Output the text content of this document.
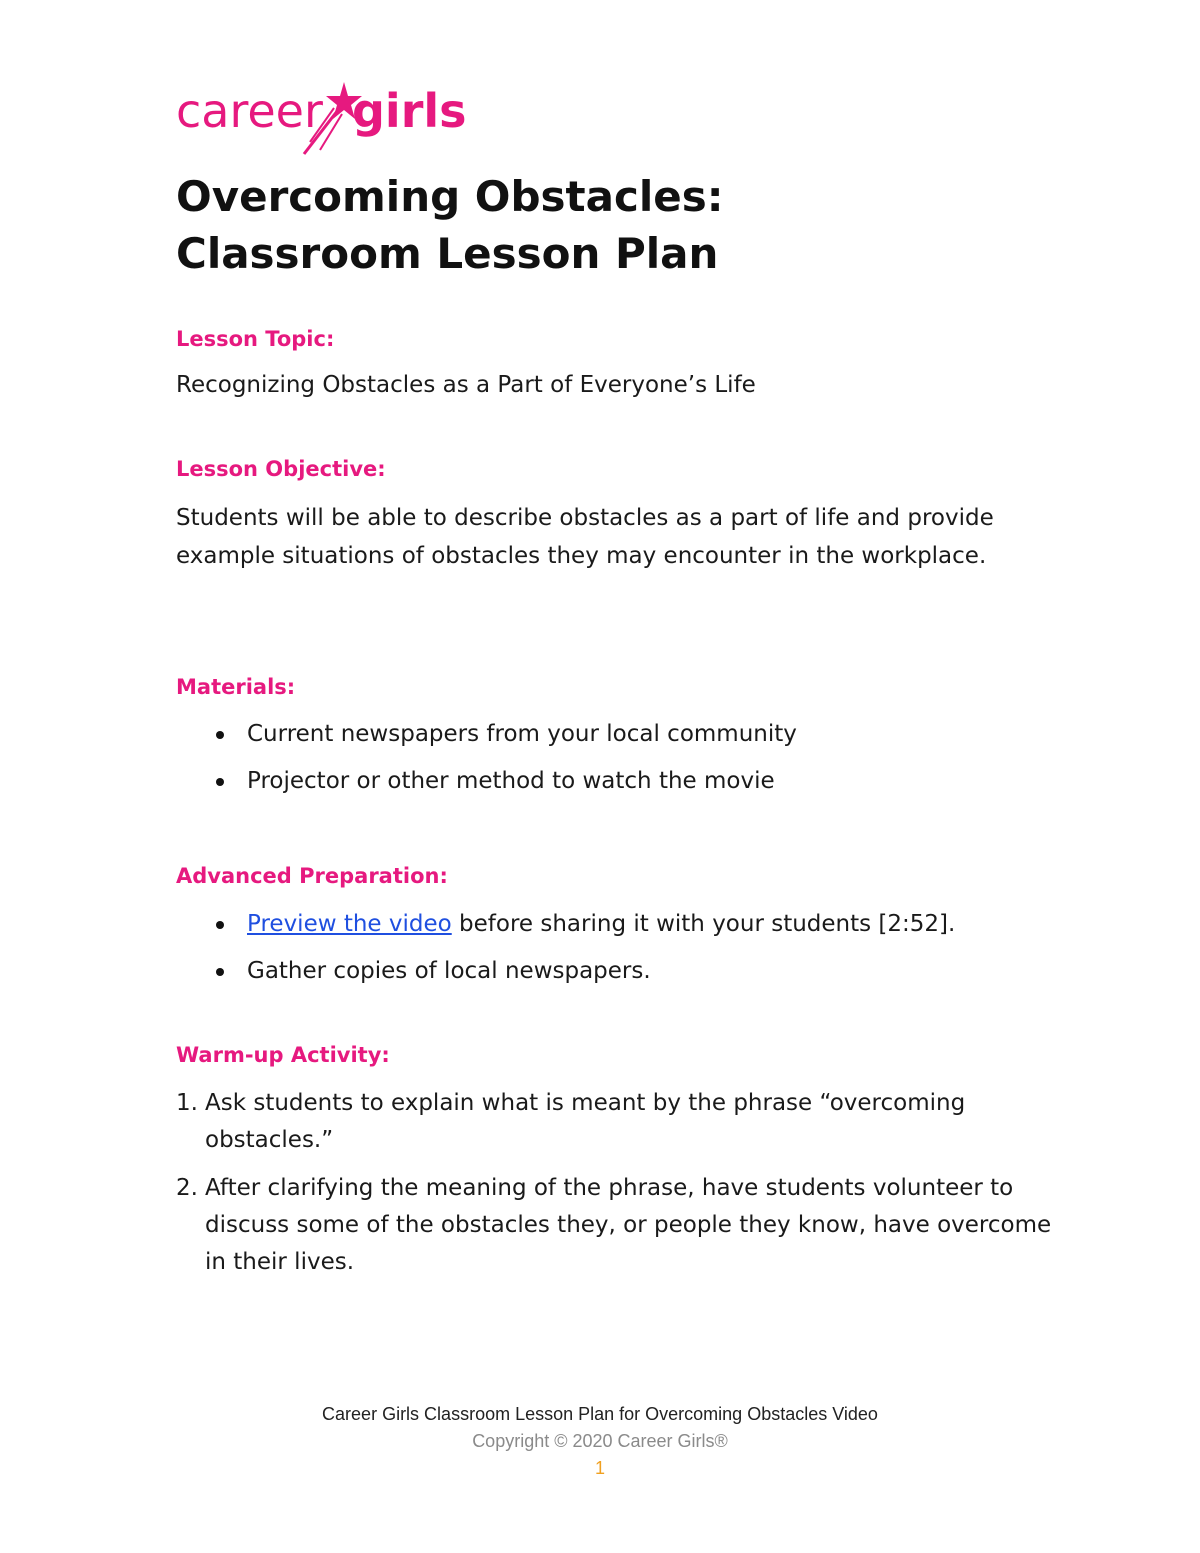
career girls
Overcoming Obstacles:
Classroom Lesson Plan
Lesson Topic:
Recognizing Obstacles as a Part of Everyone’s Life
Lesson Objective:
Students will be able to describe obstacles as a part of life and provide example situations of obstacles they may encounter in the workplace.
Materials:
Current newspapers from your local community
Projector or other method to watch the movie
Advanced Preparation:
Preview the video before sharing it with your students [2:52].
Gather copies of local newspapers.
Warm-up Activity:
1. Ask students to explain what is meant by the phrase “overcoming obstacles.”
2. After clarifying the meaning of the phrase, have students volunteer to discuss some of the obstacles they, or people they know, have overcome in their lives.
Career Girls Classroom Lesson Plan for Overcoming Obstacles Video
Copyright © 2020 Career Girls®
1
